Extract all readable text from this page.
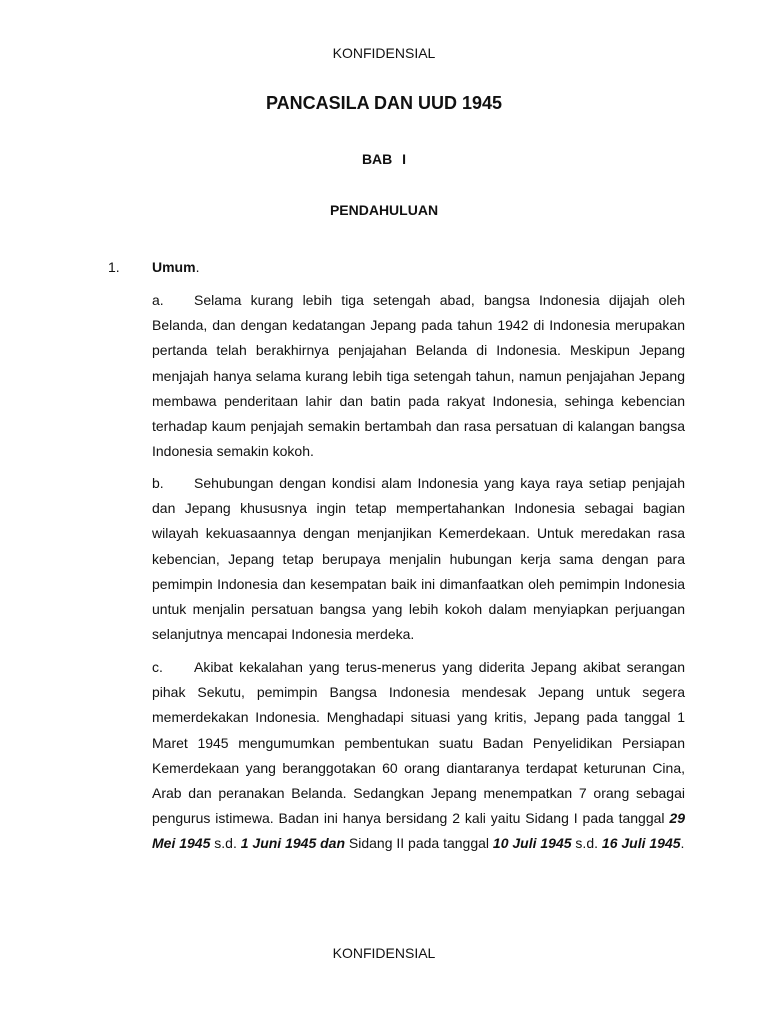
KONFIDENSIAL
PANCASILA DAN UUD 1945
BAB I
PENDAHULUAN
1. Umum.
a. Selama kurang lebih tiga setengah abad, bangsa Indonesia dijajah oleh Belanda, dan dengan kedatangan Jepang pada tahun 1942 di Indonesia merupakan pertanda telah berakhirnya penjajahan Belanda di Indonesia. Meskipun Jepang menjajah hanya selama kurang lebih tiga setengah tahun, namun penjajahan Jepang membawa penderitaan lahir dan batin pada rakyat Indonesia, sehinga kebencian terhadap kaum penjajah semakin bertambah dan rasa persatuan di kalangan bangsa Indonesia semakin kokoh.
b. Sehubungan dengan kondisi alam Indonesia yang kaya raya setiap penjajah dan Jepang khususnya ingin tetap mempertahankan Indonesia sebagai bagian wilayah kekuasaannya dengan menjanjikan Kemerdekaan. Untuk meredakan rasa kebencian, Jepang tetap berupaya menjalin hubungan kerja sama dengan para pemimpin Indonesia dan kesempatan baik ini dimanfaatkan oleh pemimpin Indonesia untuk menjalin persatuan bangsa yang lebih kokoh dalam menyiapkan perjuangan selanjutnya mencapai Indonesia merdeka.
c. Akibat kekalahan yang terus-menerus yang diderita Jepang akibat serangan pihak Sekutu, pemimpin Bangsa Indonesia mendesak Jepang untuk segera memerdekakan Indonesia. Menghadapi situasi yang kritis, Jepang pada tanggal 1 Maret 1945 mengumumkan pembentukan suatu Badan Penyelidikan Persiapan Kemerdekaan yang beranggotakan 60 orang diantaranya terdapat keturunan Cina, Arab dan peranakan Belanda. Sedangkan Jepang menempatkan 7 orang sebagai pengurus istimewa. Badan ini hanya bersidang 2 kali yaitu Sidang I pada tanggal 29 Mei 1945 s.d. 1 Juni 1945 dan Sidang II pada tanggal 10 Juli 1945 s.d. 16 Juli 1945.
KONFIDENSIAL
